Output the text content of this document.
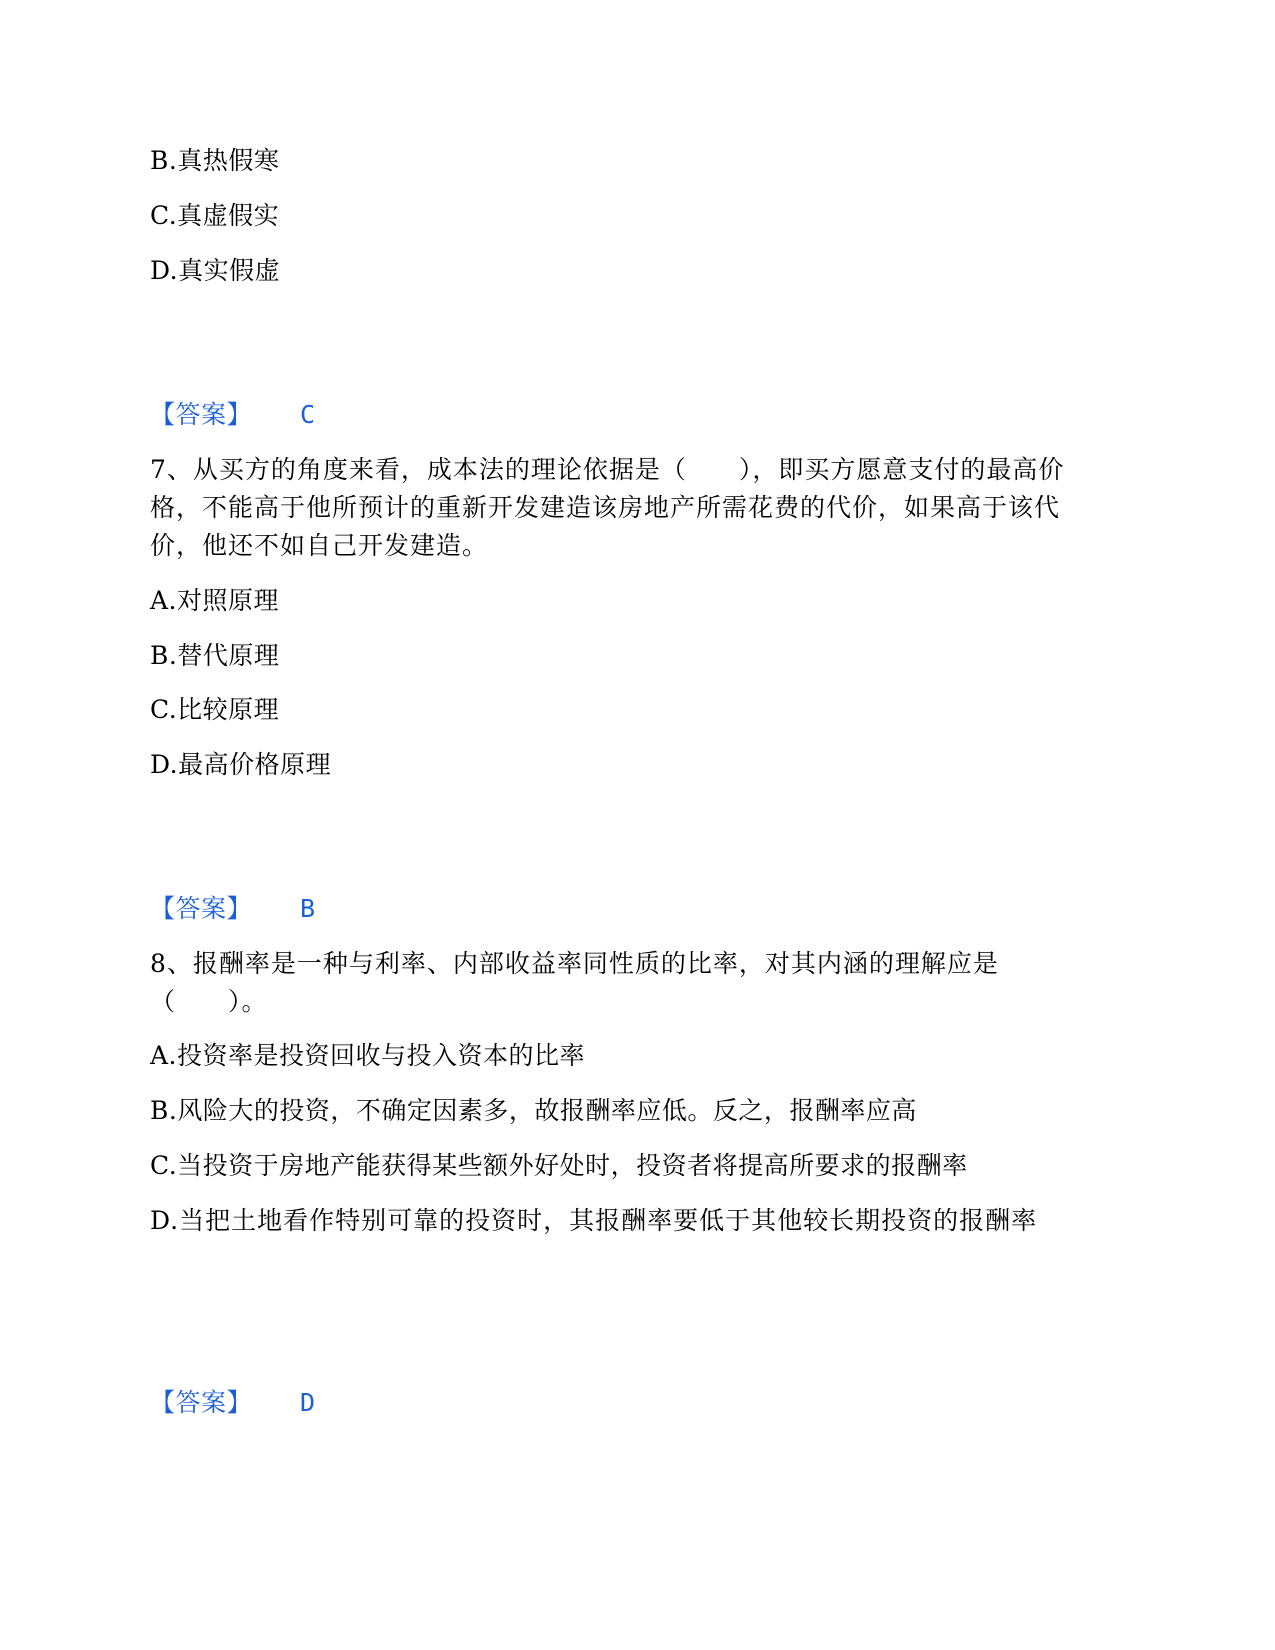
B.真热假寒
C.真虚假实
D.真实假虚
【答案】 C
7、从买方的角度来看，成本法的理论依据是（　　），即买方愿意支付的最高价格，不能高于他所预计的重新开发建造该房地产所需花费的代价，如果高于该代价，他还不如自己开发建造。
A.对照原理
B.替代原理
C.比较原理
D.最高价格原理
【答案】 B
8、报酬率是一种与利率、内部收益率同性质的比率，对其内涵的理解应是（　　）。
A.投资率是投资回收与投入资本的比率
B.风险大的投资，不确定因素多，故报酬率应低。反之，报酬率应高
C.当投资于房地产能获得某些额外好处时，投资者将提高所要求的报酬率
D.当把土地看作特别可靠的投资时，其报酬率要低于其他较长期投资的报酬率
【答案】 D
